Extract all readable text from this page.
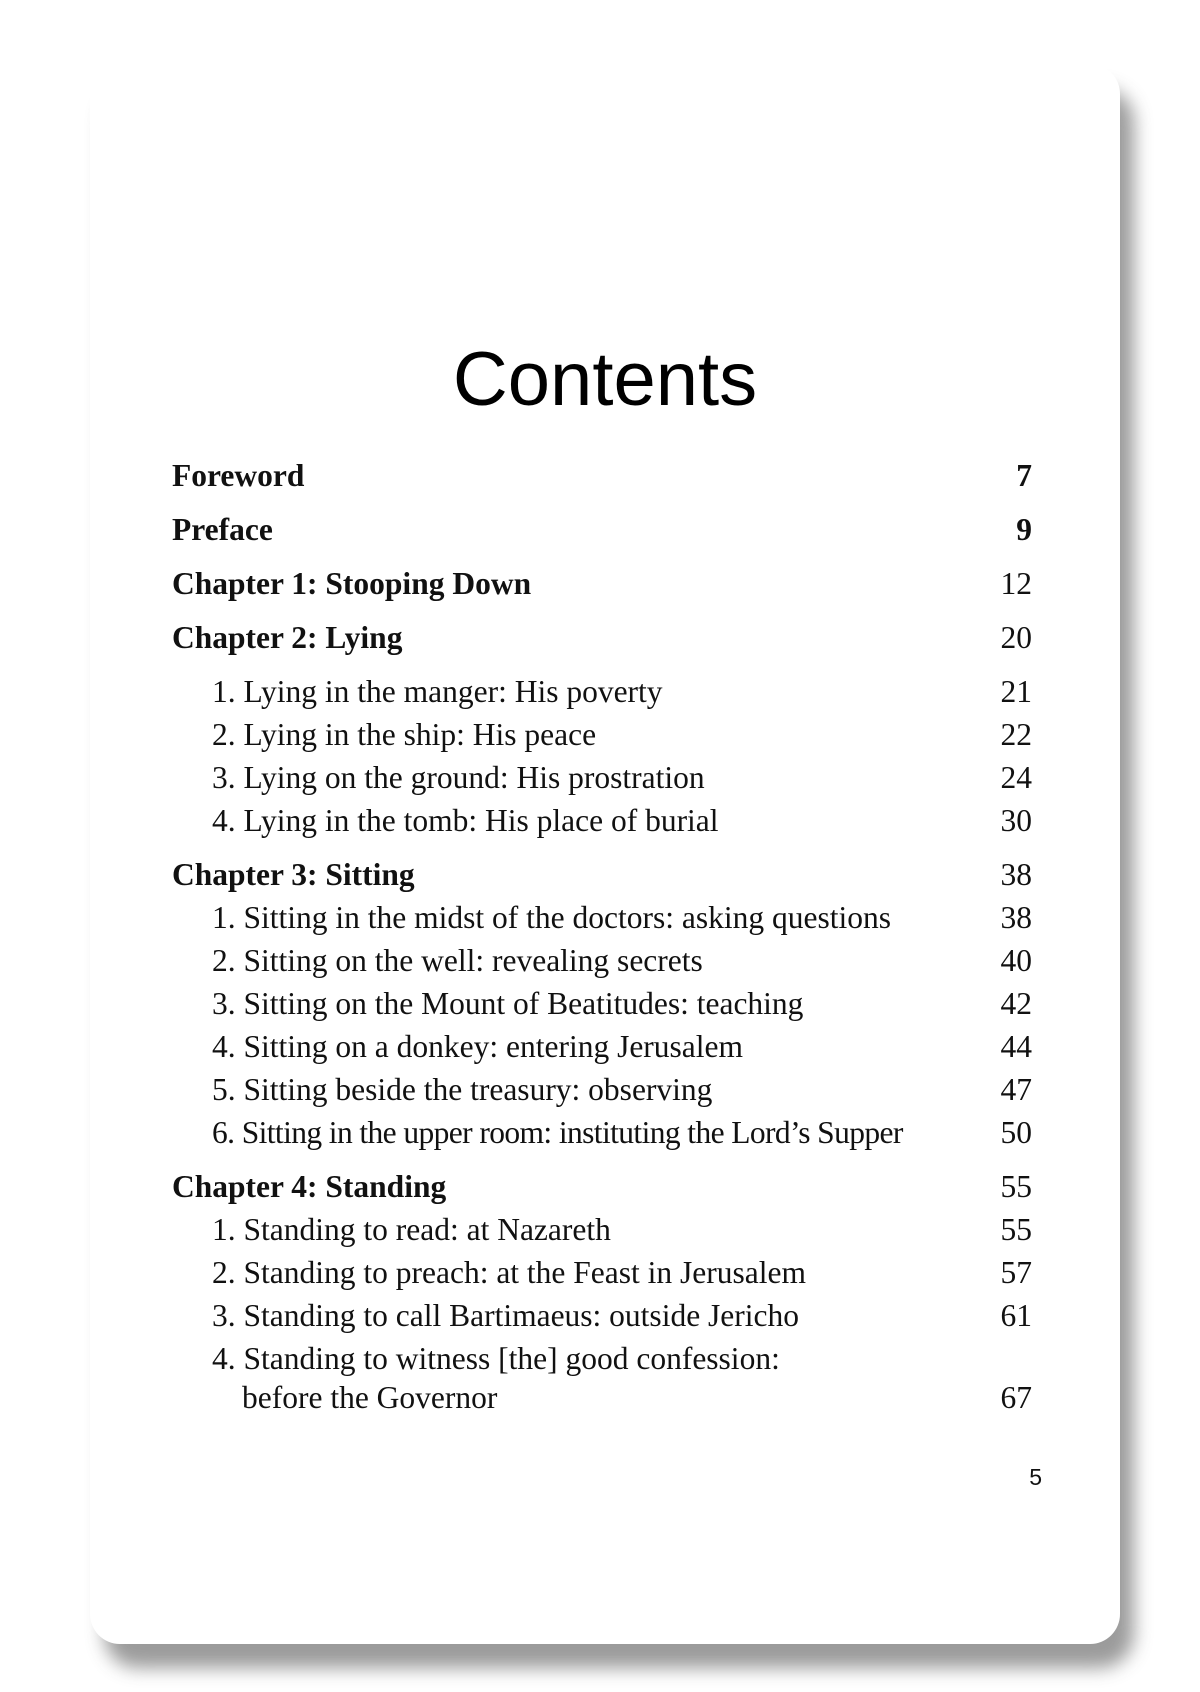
Contents
Foreword	7
Preface	9
Chapter 1: Stooping Down	12
Chapter 2: Lying	20
1. Lying in the manger: His poverty	21
2. Lying in the ship: His peace	22
3. Lying on the ground: His prostration	24
4. Lying in the tomb: His place of burial	30
Chapter 3: Sitting	38
1. Sitting in the midst of the doctors: asking questions	38
2. Sitting on the well: revealing secrets	40
3. Sitting on the Mount of Beatitudes: teaching	42
4. Sitting on a donkey: entering Jerusalem	44
5. Sitting beside the treasury: observing	47
6. Sitting in the upper room: instituting the Lord’s Supper	50
Chapter 4: Standing	55
1. Standing to read: at Nazareth	55
2. Standing to preach: at the Feast in Jerusalem	57
3. Standing to call Bartimaeus: outside Jericho	61
4. Standing to witness [the] good confession:
before the Governor	67
5
